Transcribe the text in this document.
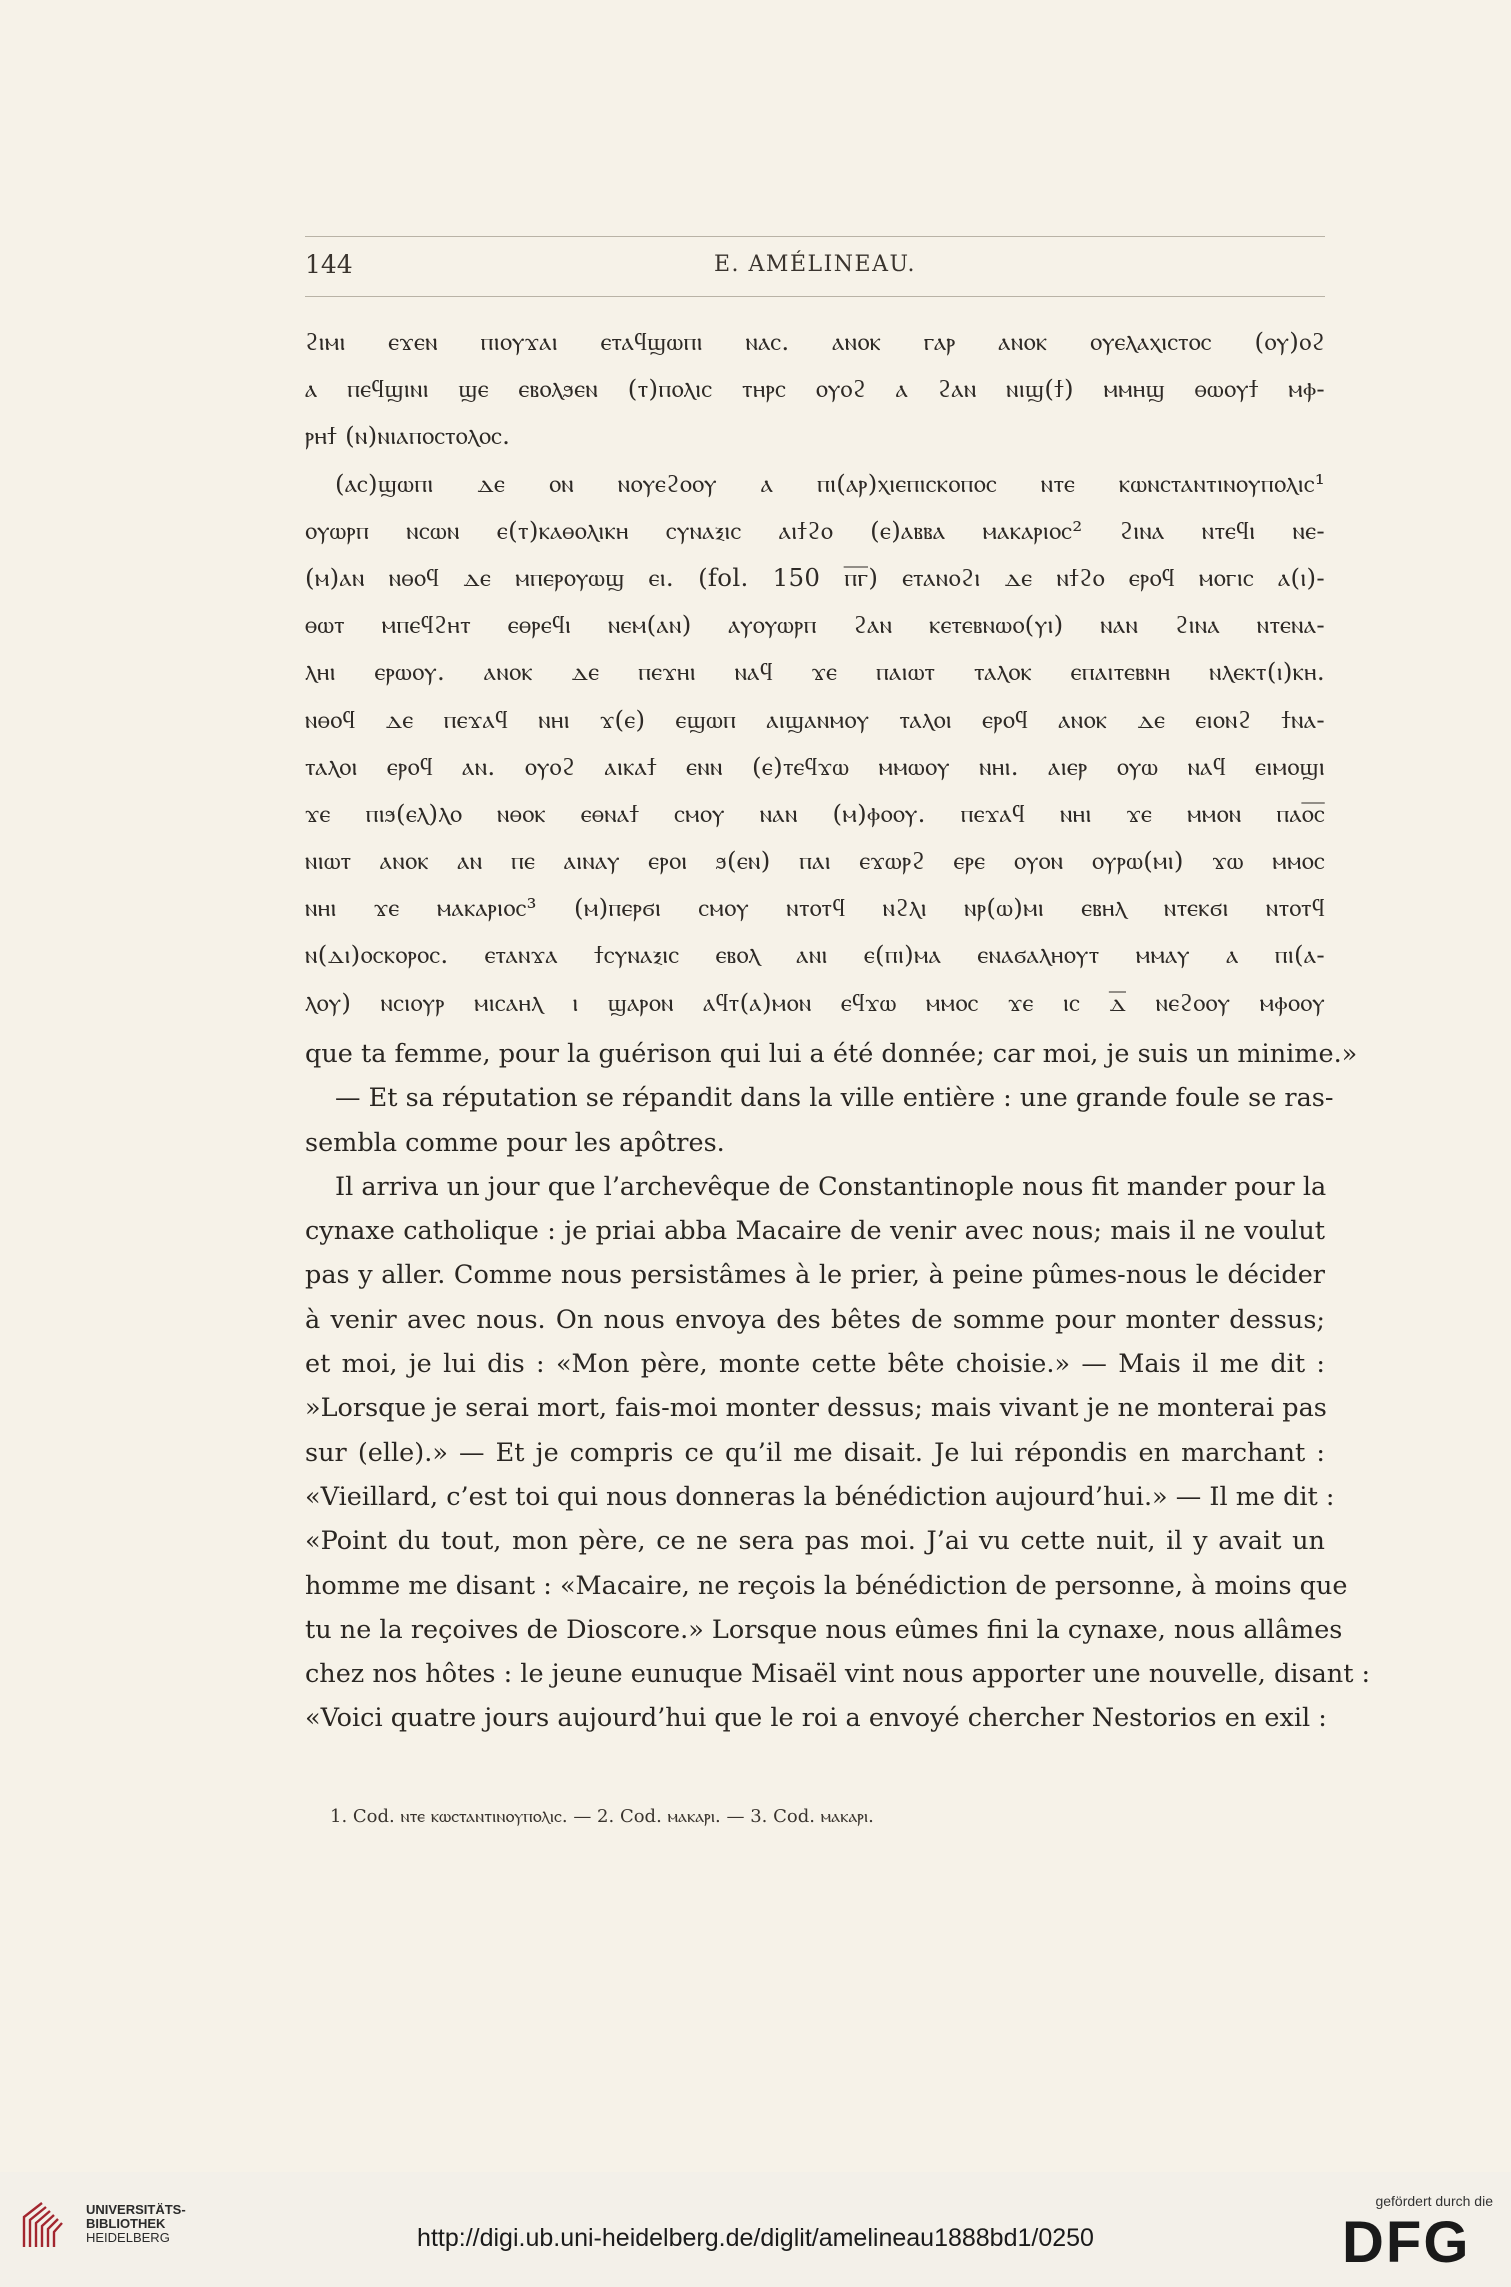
144	E. AMÉLINEAU.
ϩⲓⲙⲓ ⲉϫⲉⲛ ⲡⲓⲟⲩϫⲁⲓ ⲉⲧⲁϥϣⲱⲡⲓ ⲛⲁⲥ. ⲁⲛⲟⲕ ⲅⲁⲣ ⲁⲛⲟⲕ ⲟⲩⲉⲗⲁⲭⲓⲥⲧⲟⲥ (ⲟⲩ)ⲟϩ
ⲁ ⲡⲉϥϣⲓⲛⲓ ϣⲉ ⲉⲃⲟⲗϧⲉⲛ (ⲧ)ⲡⲟⲗⲓⲥ ⲧⲏⲣⲥ ⲟⲩⲟϩ ⲁ ϩⲁⲛ ⲛⲓϣ(ϯ) ⲙⲙⲏϣ ⲑⲱⲟⲩϯ ⲙⲫ-
ⲣⲏϯ (ⲛ)ⲛⲓⲁⲡⲟⲥⲧⲟⲗⲟⲥ.
(ⲁⲥ)ϣⲱⲡⲓ ⲇⲉ ⲟⲛ ⲛⲟⲩⲉϩⲟⲟⲩ ⲁ ⲡⲓ(ⲁⲣ)ⲭⲓⲉⲡⲓⲥⲕⲟⲡⲟⲥ ⲛⲧⲉ ⲕⲱⲛⲥⲧⲁⲛⲧⲓⲛⲟⲩⲡⲟⲗⲓⲥ¹
ⲟⲩⲱⲣⲡ ⲛⲥⲱⲛ ⲉ(ⲧ)ⲕⲁⲑⲟⲗⲓⲕⲏ ⲥⲩⲛⲁⲝⲓⲥ ⲁⲓϯϩⲟ (ⲉ)ⲁⲃⲃⲁ ⲙⲁⲕⲁⲣⲓⲟⲥ² ϩⲓⲛⲁ ⲛⲧⲉϥⲓ ⲛⲉ-
(ⲙ)ⲁⲛ ⲛⲑⲟϥ ⲇⲉ ⲙⲡⲉⲣⲟⲩⲱϣ ⲉⲓ. (fol. 150 ⲡ̅ⲅ̅) ⲉⲧⲁⲛⲟϩⲓ ⲇⲉ ⲛϯϩⲟ ⲉⲣⲟϥ ⲙⲟⲅⲓⲥ ⲁ(ⲓ)-
ⲑⲱⲧ ⲙⲡⲉϥϩⲏⲧ ⲉⲑⲣⲉϥⲓ ⲛⲉⲙ(ⲁⲛ) ⲁⲩⲟⲩⲱⲣⲡ ϩⲁⲛ ⲕⲉⲧⲉⲃⲛⲱⲟ(ⲩⲓ) ⲛⲁⲛ ϩⲓⲛⲁ ⲛⲧⲉⲛⲁ-
ⲗⲏⲓ ⲉⲣⲱⲟⲩ. ⲁⲛⲟⲕ ⲇⲉ ⲡⲉϫⲏⲓ ⲛⲁϥ ϫⲉ ⲡⲁⲓⲱⲧ ⲧⲁⲗⲟⲕ ⲉⲡⲁⲓⲧⲉⲃⲛⲏ ⲛⲗⲉⲕⲧ(ⲓ)ⲕⲏ.
ⲛⲑⲟϥ ⲇⲉ ⲡⲉϫⲁϥ ⲛⲏⲓ ϫ(ⲉ) ⲉϣⲱⲡ ⲁⲓϣⲁⲛⲙⲟⲩ ⲧⲁⲗⲟⲓ ⲉⲣⲟϥ ⲁⲛⲟⲕ ⲇⲉ ⲉⲓⲟⲛϩ ϯⲛⲁ-
ⲧⲁⲗⲟⲓ ⲉⲣⲟϥ ⲁⲛ. ⲟⲩⲟϩ ⲁⲓⲕⲁϯ ⲉⲛⲛ (ⲉ)ⲧⲉϥϫⲱ ⲙⲙⲱⲟⲩ ⲛⲏⲓ. ⲁⲓⲉⲣ ⲟⲩⲱ ⲛⲁϥ ⲉⲓⲙⲟϣⲓ
ϫⲉ ⲡⲓϧ(ⲉⲗ)ⲗⲟ ⲛⲑⲟⲕ ⲉⲑⲛⲁϯ ⲥⲙⲟⲩ ⲛⲁⲛ (ⲙ)ⲫⲟⲟⲩ. ⲡⲉϫⲁϥ ⲛⲏⲓ ϫⲉ ⲙⲙⲟⲛ ⲡⲁⲟ̅ⲥ̅
ⲛⲓⲱⲧ ⲁⲛⲟⲕ ⲁⲛ ⲡⲉ ⲁⲓⲛⲁⲩ ⲉⲣⲟⲓ ϧ(ⲉⲛ) ⲡⲁⲓ ⲉϫⲱⲣϩ ⲉⲣⲉ ⲟⲩⲟⲛ ⲟⲩⲣⲱ(ⲙⲓ) ϫⲱ ⲙⲙⲟⲥ
ⲛⲏⲓ ϫⲉ ⲙⲁⲕⲁⲣⲓⲟⲥ³ (ⲙ)ⲡⲉⲣϭⲓ ⲥⲙⲟⲩ ⲛⲧⲟⲧϥ ⲛϩⲗⲓ ⲛⲣ(ⲱ)ⲙⲓ ⲉⲃⲏⲗ ⲛⲧⲉⲕϭⲓ ⲛⲧⲟⲧϥ
ⲛ(ⲇⲓ)ⲟⲥⲕⲟⲣⲟⲥ. ⲉⲧⲁⲛϫⲁ ϯⲥⲩⲛⲁⲝⲓⲥ ⲉⲃⲟⲗ ⲁⲛⲓ ⲉ(ⲡⲓ)ⲙⲁ ⲉⲛⲁϭⲁⲗⲏⲟⲩⲧ ⲙⲙⲁⲩ ⲁ ⲡⲓ(ⲁ-
ⲗⲟⲩ) ⲛⲥⲓⲟⲩⲣ ⲙⲓⲥⲁⲏⲗ ⲓ ϣⲁⲣⲟⲛ ⲁϥⲧ(ⲁ)ⲙⲟⲛ ⲉϥϫⲱ ⲙⲙⲟⲥ ϫⲉ ⲓⲥ ⲇ̅ ⲛⲉϩⲟⲟⲩ ⲙⲫⲟⲟⲩ
que ta femme, pour la guérison qui lui a été donnée; car moi, je suis un minime.»
— Et sa réputation se répandit dans la ville entière : une grande foule se ras-
sembla comme pour les apôtres.
Il arriva un jour que l’archevêque de Constantinople nous fit mander pour la
cynaxe catholique : je priai abba Macaire de venir avec nous; mais il ne voulut
pas y aller. Comme nous persistâmes à le prier, à peine pûmes-nous le décider
à venir avec nous. On nous envoya des bêtes de somme pour monter dessus;
et moi, je lui dis : «Mon père, monte cette bête choisie.» — Mais il me dit :
»Lorsque je serai mort, fais-moi monter dessus; mais vivant je ne monterai pas
sur (elle).» — Et je compris ce qu’il me disait. Je lui répondis en marchant :
«Vieillard, c’est toi qui nous donneras la bénédiction aujourd’hui.» — Il me dit :
«Point du tout, mon père, ce ne sera pas moi. J’ai vu cette nuit, il y avait un
homme me disant : «Macaire, ne reçois la bénédiction de personne, à moins que
tu ne la reçoives de Dioscore.» Lorsque nous eûmes fini la cynaxe, nous allâmes
chez nos hôtes : le jeune eunuque Misaël vint nous apporter une nouvelle, disant :
«Voici quatre jours aujourd’hui que le roi a envoyé chercher Nestorios en exil :
1. Cod. ⲛⲧⲉ ⲕⲱⲥⲧⲁⲛⲧⲓⲛⲟⲩⲡⲟⲗⲓⲥ. — 2. Cod. ⲙⲁⲕⲁⲣⲓ. — 3. Cod. ⲙⲁⲕⲁⲣⲓ.
UNIVERSITÄTS-
BIBLIOTHEK
HEIDELBERG	http://digi.ub.uni-heidelberg.de/diglit/amelineau1888bd1/0250
gefördert durch die
DFG
